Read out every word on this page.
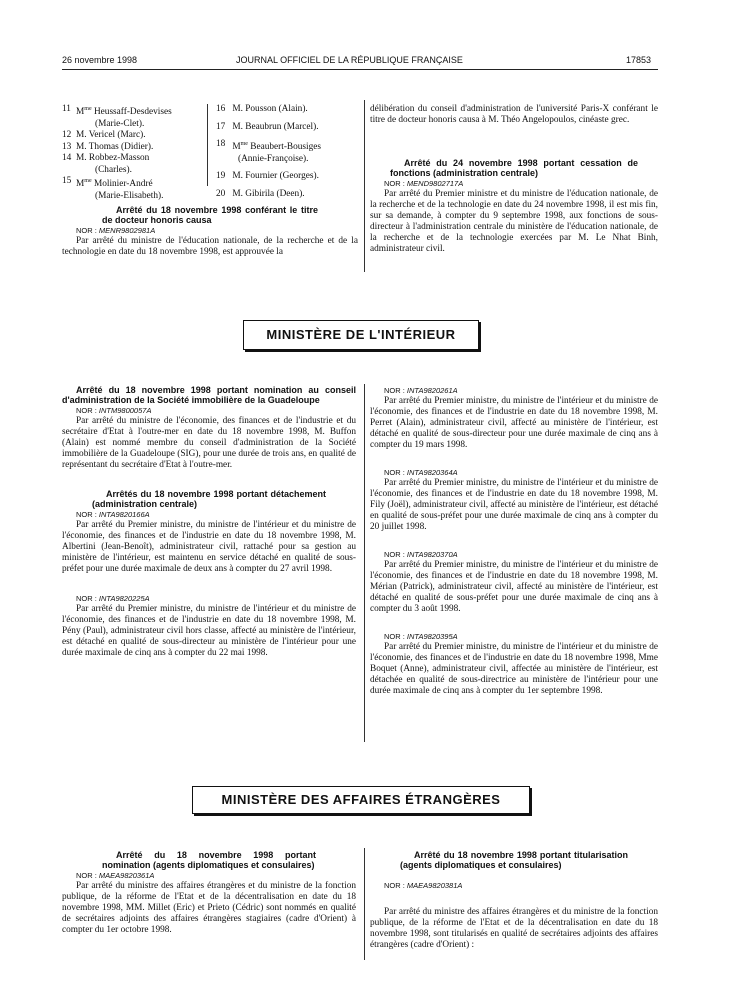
26 novembre 1998	JOURNAL OFFICIEL DE LA RÉPUBLIQUE FRANÇAISE	17853
11 $M^{me}$ Heussaff-Desdevises
(Marie-Clet).
12 M. Vericel (Marc).
13 M. Thomas (Didier).
14 M. Robbez-Masson
(Charles).
15 $M^{me}$ Molinier-André
(Marie-Elisabeth).
16
M. Pousson (Alain).
17
M. Beaubrun (Marcel).
18
$M^{me}$ Beaubert-Bousiges
(Annie-Françoise).
19
M. Fournier (Georges).
20
M. Gibirila (Deen).

Arrêté du 18 novembre 1998 conférant le titre de docteur honoris causa

NOR : MENR9802981A

Par arrêté du ministre de l'éducation nationale, de la recherche et de la technologie en date du 18 novembre 1998, est approuvée la

délibération du conseil d'administration de l'université Paris-X conférant le titre de docteur honoris causa à M. Théo Angelopoulos, cinéaste grec.

Arrêté du 24 novembre 1998 portant cessation de fonctions (administration centrale)

NOR : MEND9802717A

Par arrêté du Premier ministre et du ministre de l'éducation nationale, de la recherche et de la technologie en date du 24 novembre 1998, il est mis fin, sur sa demande, à compter du 9 septembre 1998, aux fonctions de sous-directeur à l'administration centrale du ministère de l'éducation nationale, de la recherche et de la technologie exercées par M. Le Nhat Binh, administrateur civil.

MINISTÈRE DE L'INTÉRIEUR

Arrêté du 18 novembre 1998 portant nomination au conseil d'administration de la Société immobilière de la Guadeloupe

NOR : INTM9800057A

Par arrêté du ministre de l'économie, des finances et de l'industrie et du secrétaire d'Etat à l'outre-mer en date du 18 novembre 1998, M. Buffon (Alain) est nommé membre du conseil d'administration de la Société immobilière de la Guadeloupe (SIG), pour une durée de trois ans, en qualité de représentant du secrétaire d'Etat à l'outre-mer.

Arrêtés du 18 novembre 1998 portant détachement (administration centrale)

NOR : INTA9820166A

Par arrêté du Premier ministre, du ministre de l'intérieur et du ministre de l'économie, des finances et de l'industrie en date du 18 novembre 1998, M. Albertini (Jean-Benoît), administrateur civil, rattaché pour sa gestion au ministère de l'intérieur, est maintenu en service détaché en qualité de sous-préfet pour une durée maximale de deux ans à compter du 27 avril 1998.

NOR : INTA9820225A

Par arrêté du Premier ministre, du ministre de l'intérieur et du ministre de l'économie, des finances et de l'industrie en date du 18 novembre 1998, M. Pény (Paul), administrateur civil hors classe, affecté au ministère de l'intérieur, est détaché en qualité de sous-directeur au ministère de l'intérieur pour une durée maximale de cinq ans à compter du 22 mai 1998.

NOR : INTA9820261A

Par arrêté du Premier ministre, du ministre de l'intérieur et du ministre de l'économie, des finances et de l'industrie en date du 18 novembre 1998, M. Perret (Alain), administrateur civil, affecté au ministère de l'intérieur, est détaché en qualité de sous-directeur pour une durée maximale de cinq ans à compter du 19 mars 1998.

NOR : INTA9820364A

Par arrêté du Premier ministre, du ministre de l'intérieur et du ministre de l'économie, des finances et de l'industrie en date du 18 novembre 1998, M. Fily (Joël), administrateur civil, affecté au ministère de l'intérieur, est détaché en qualité de sous-préfet pour une durée maximale de cinq ans à compter du 20 juillet 1998.

NOR : INTA9820370A

Par arrêté du Premier ministre, du ministre de l'intérieur et du ministre de l'économie, des finances et de l'industrie en date du 18 novembre 1998, M. Mérian (Patrick), administrateur civil, affecté au ministère de l'intérieur, est détaché en qualité de sous-préfet pour une durée maximale de cinq ans à compter du 3 août 1998.

NOR : INTA9820395A

Par arrêté du Premier ministre, du ministre de l'intérieur et du ministre de l'économie, des finances et de l'industrie en date du 18 novembre 1998, Mme Boquet (Anne), administrateur civil, affectée au ministère de l'intérieur, est détachée en qualité de sous-directrice au ministère de l'intérieur pour une durée maximale de cinq ans à compter du 1er septembre 1998.

MINISTÈRE DES AFFAIRES ÉTRANGÈRES

Arrêté du 18 novembre 1998 portant nomination (agents diplomatiques et consulaires)

NOR : MAEA9820361A

Par arrêté du ministre des affaires étrangères et du ministre de la fonction publique, de la réforme de l'Etat et de la décentralisation en date du 18 novembre 1998, MM. Millet (Eric) et Prieto (Cédric) sont nommés en qualité de secrétaires adjoints des affaires étrangères stagiaires (cadre d'Orient) à compter du 1er octobre 1998.

Arrêté du 18 novembre 1998 portant titularisation (agents diplomatiques et consulaires)

NOR : MAEA9820381A

Par arrêté du ministre des affaires étrangères et du ministre de la fonction publique, de la réforme de l'Etat et de la décentralisation en date du 18 novembre 1998, sont titularisés en qualité de secrétaires adjoints des affaires étrangères (cadre d'Orient) :
